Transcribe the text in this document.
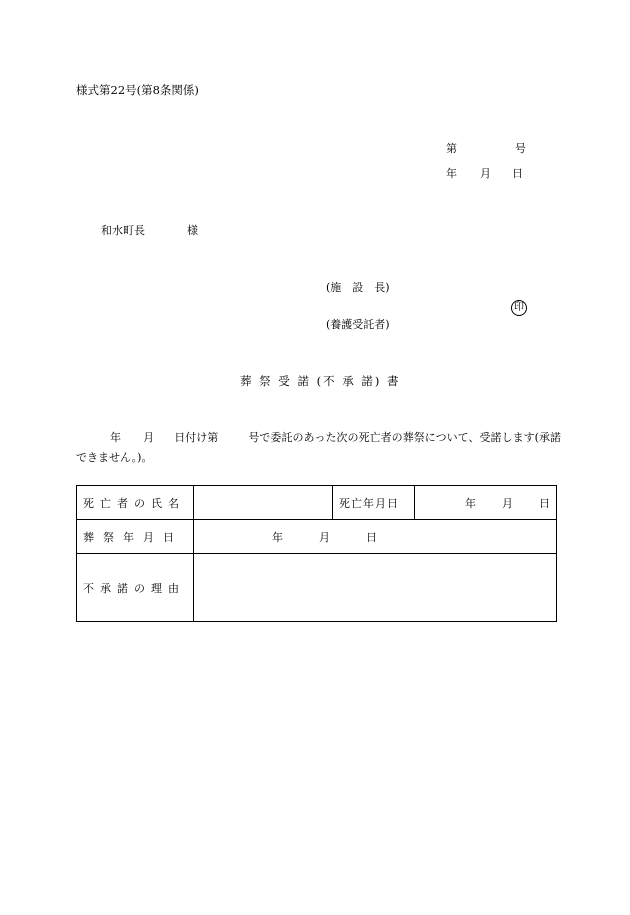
様式第22号(第8条関係)
第	号
年 月 日
和水町長	様
(施　設　長)
印
(養護受託者)
葬 祭 受 諾 (不 承 諾) 書
年 月 日付け第	号で委託のあった次の死亡者の葬祭について、受諾します(承諾できません。)。
死亡者の氏名		死亡年月日	年 月 日
葬祭年月日	年 月 日		
不承諾の理由			
